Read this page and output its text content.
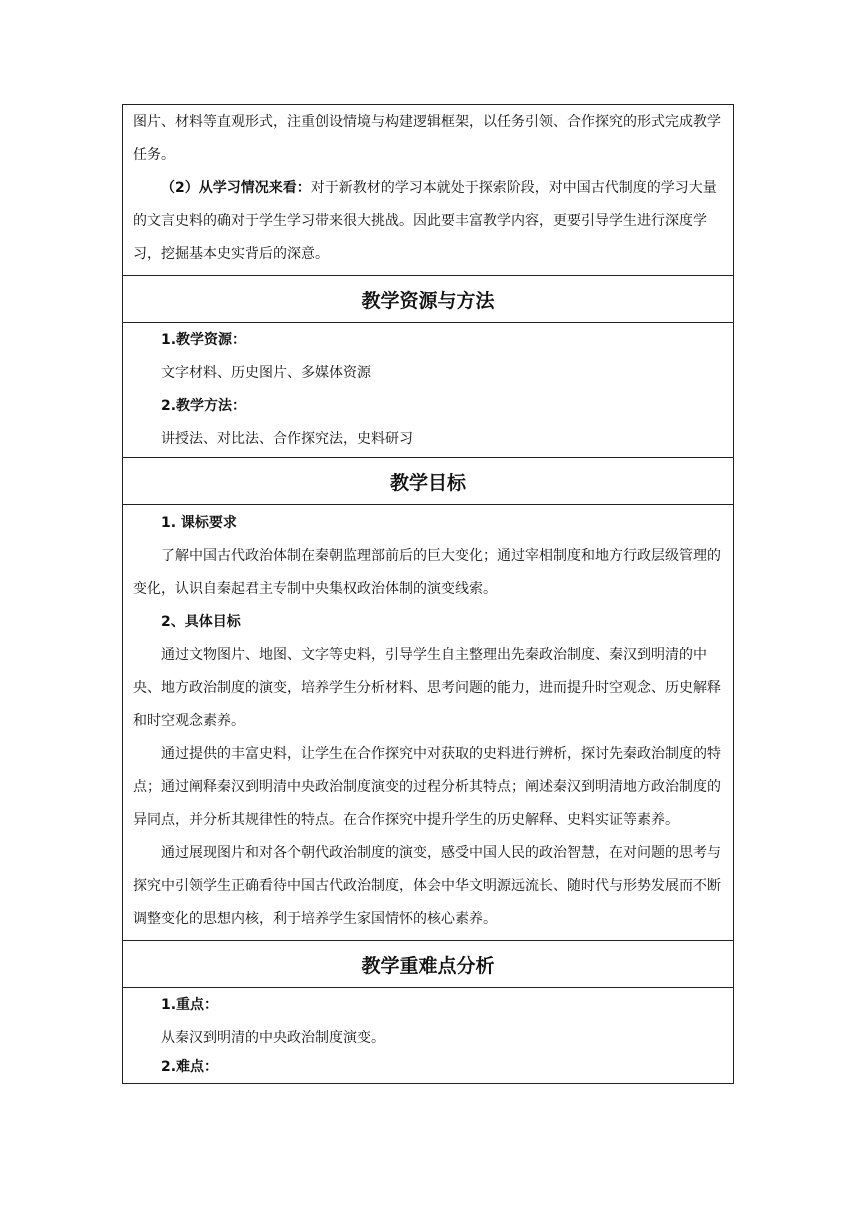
图片、材料等直观形式，注重创设情境与构建逻辑框架，以任务引领、合作探究的形式完成教学任务。

（2）从学习情况来看：对于新教材的学习本就处于探索阶段，对中国古代制度的学习大量的文言史料的确对于学生学习带来很大挑战。因此要丰富教学内容，更要引导学生进行深度学习，挖掘基本史实背后的深意。

教学资源与方法

1.教学资源：

文字材料、历史图片、多媒体资源

2.教学方法：

讲授法、对比法、合作探究法，史料研习

教学目标

1. 课标要求

了解中国古代政治体制在秦朝监理部前后的巨大变化；通过宰相制度和地方行政层级管理的变化，认识自秦起君主专制中央集权政治体制的演变线索。

2、具体目标

通过文物图片、地图、文字等史料，引导学生自主整理出先秦政治制度、秦汉到明清的中央、地方政治制度的演变，培养学生分析材料、思考问题的能力，进而提升时空观念、历史解释和时空观念素养。

通过提供的丰富史料，让学生在合作探究中对获取的史料进行辨析，探讨先秦政治制度的特点；通过阐释秦汉到明清中央政治制度演变的过程分析其特点；阐述秦汉到明清地方政治制度的异同点，并分析其规律性的特点。在合作探究中提升学生的历史解释、史料实证等素养。

通过展现图片和对各个朝代政治制度的演变，感受中国人民的政治智慧，在对问题的思考与探究中引领学生正确看待中国古代政治制度，体会中华文明源远流长、随时代与形势发展而不断调整变化的思想内核，利于培养学生家国情怀的核心素养。

教学重难点分析

1.重点：

从秦汉到明清的中央政治制度演变。

2.难点：
